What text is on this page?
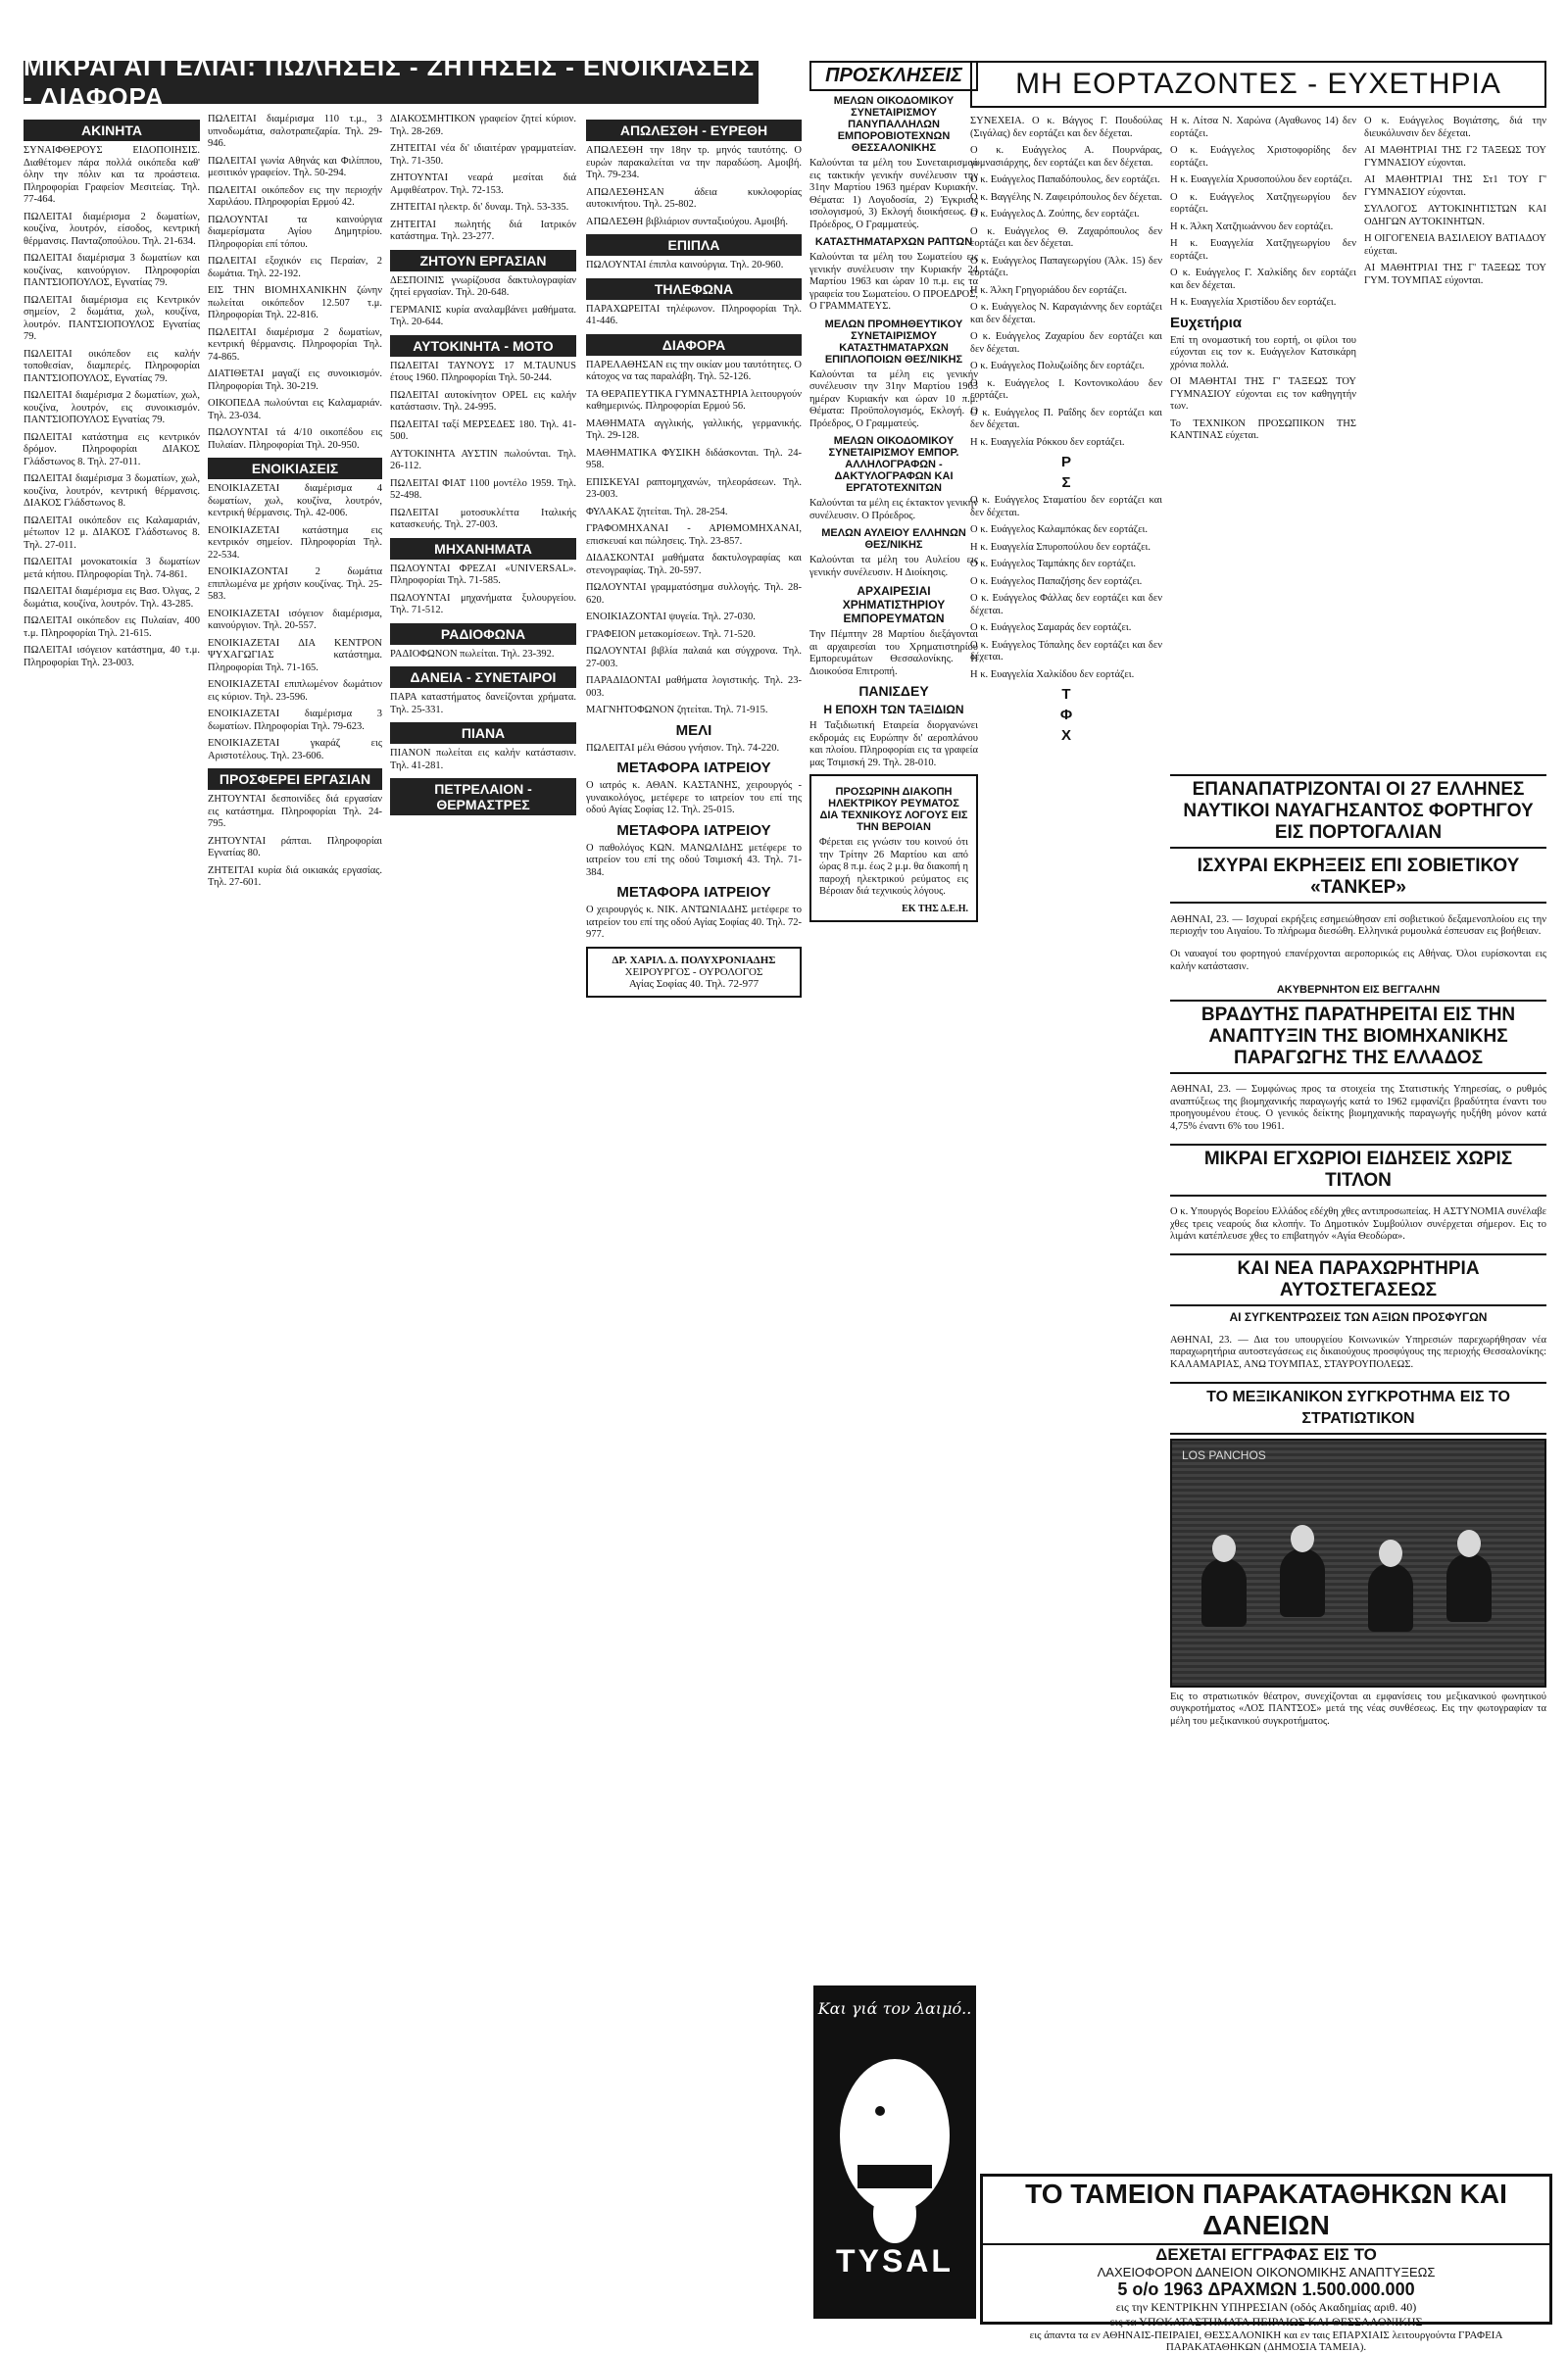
ΜΙΚΡΑΙ ΑΓΓΕΛΙΑΙ: ΠΩΛΗΣΕΙΣ - ΖΗΤΗΣΕΙΣ - ΕΝΟΙΚΙΑΣΕΙΣ - ΔΙΑΦΟΡΑ
ΑΚΙΝΗΤΑ

ΣΥΝΑΙΦΘΕΡΟΥΣ ΕΙΔΟΠΟΙΗΣΙΣ. Διαθέτομεν πάρα πολλά οικόπεδα καθ' όλην την πόλιν και τα προάστεια. Πληροφορίαι Γραφείον Μεσιτείας. Τηλ. 77-464.

ΠΩΛΕΙΤΑΙ διαμέρισμα 2 δωματίων, κουζίνα, λουτρόν, είσοδος, κεντρική θέρμανσις. Πανταζοπούλου. Τηλ. 21-634.

ΠΩΛΕΙΤΑΙ διαμέρισμα 3 δωματίων και κουζίνας, καινούργιον. Πληροφορίαι ΠΑΝΤΣΙΟΠΟΥΛΟΣ, Εγνατίας 79.

ΠΩΛΕΙΤΑΙ διαμέρισμα εις Κεντρικόν σημείον, 2 δωμάτια, χωλ, κουζίνα, λουτρόν. ΠΑΝΤΣΙΟΠΟΥΛΟΣ Εγνατίας 79.

ΠΩΛΕΙΤΑΙ οικόπεδον εις καλήν τοποθεσίαν, διαμπερές. Πληροφορίαι ΠΑΝΤΣΙΟΠΟΥΛΟΣ, Εγνατίας 79.

ΠΩΛΕΙΤΑΙ διαμέρισμα 2 δωματίων, χωλ, κουζίνα, λουτρόν, εις συνοικισμόν. ΠΑΝΤΣΙΟΠΟΥΛΟΣ Εγνατίας 79.

ΠΩΛΕΙΤΑΙ κατάστημα εις κεντρικόν δρόμον. Πληροφορίαι ΔΙΑΚΟΣ Γλάδστωνος 8. Τηλ. 27-011.

ΠΩΛΕΙΤΑΙ διαμέρισμα 3 δωματίων, χωλ, κουζίνα, λουτρόν, κεντρική θέρμανσις. ΔΙΑΚΟΣ Γλάδστωνος 8.

ΠΩΛΕΙΤΑΙ οικόπεδον εις Καλαμαριάν, μέτωπον 12 μ. ΔΙΑΚΟΣ Γλάδστωνος 8. Τηλ. 27-011.

ΠΩΛΕΙΤΑΙ μονοκατοικία 3 δωματίων μετά κήπου. Πληροφορίαι Τηλ. 74-861.

ΠΩΛΕΙΤΑΙ διαμέρισμα εις Βασ. Όλγας, 2 δωμάτια, κουζίνα, λουτρόν. Τηλ. 43-285.

ΠΩΛΕΙΤΑΙ οικόπεδον εις Πυλαίαν, 400 τ.μ. Πληροφορίαι Τηλ. 21-615.

ΠΩΛΕΙΤΑΙ ισόγειον κατάστημα, 40 τ.μ. Πληροφορίαι Τηλ. 23-003.

ΠΩΛΕΙΤΑΙ διαμέρισμα 110 τ.μ., 3 υπνοδωμάτια, σαλοτραπεζαρία. Τηλ. 29-946.

ΠΩΛΕΙΤΑΙ γωνία Αθηνάς και Φιλίππου, μεσιτικόν γραφείον. Τηλ. 50-294.

ΠΩΛΕΙΤΑΙ οικόπεδον εις την περιοχήν Χαριλάου. Πληροφορίαι Ερμού 42.

ΠΩΛΟΥΝΤΑΙ τα καινούργια διαμερίσματα Αγίου Δημητρίου. Πληροφορίαι επί τόπου.

ΠΩΛΕΙΤΑΙ εξοχικόν εις Περαίαν, 2 δωμάτια. Τηλ. 22-192.

ΕΙΣ ΤΗΝ ΒΙΟΜΗΧΑΝΙΚΗΝ ζώνην πωλείται οικόπεδον 12.507 τ.μ. Πληροφορίαι Τηλ. 22-816.

ΠΩΛΕΙΤΑΙ διαμέρισμα 2 δωματίων, κεντρική θέρμανσις. Πληροφορίαι Τηλ. 74-865.

ΔΙΑΤΙΘΕΤΑΙ μαγαζί εις συνοικισμόν. Πληροφορίαι Τηλ. 30-219.

ΟΙΚΟΠΕΔΑ πωλούνται εις Καλαμαριάν. Τηλ. 23-034.

ΠΩΛΟΥΝΤΑΙ τά 4/10 οικοπέδου εις Πυλαίαν. Πληροφορίαι Τηλ. 20-950.

ΕΝΟΙΚΙΑΣΕΙΣ

ΕΝΟΙΚΙΑΖΕΤΑΙ διαμέρισμα 4 δωματίων, χωλ, κουζίνα, λουτρόν, κεντρική θέρμανσις. Τηλ. 42-006.

ΕΝΟΙΚΙΑΖΕΤΑΙ κατάστημα εις κεντρικόν σημείον. Πληροφορίαι Τηλ. 22-534.

ΕΝΟΙΚΙΑΖΟΝΤΑΙ 2 δωμάτια επιπλωμένα με χρήσιν κουζίνας. Τηλ. 25-583.

ΕΝΟΙΚΙΑΖΕΤΑΙ ισόγειον διαμέρισμα, καινούργιον. Τηλ. 20-557.

ΕΝΟΙΚΙΑΖΕΤΑΙ ΔΙΑ ΚΕΝΤΡΟΝ ΨΥΧΑΓΩΓΙΑΣ κατάστημα. Πληροφορίαι Τηλ. 71-165.

ΕΝΟΙΚΙΑΖΕΤΑΙ επιπλωμένον δωμάτιον εις κύριον. Τηλ. 23-596.

ΕΝΟΙΚΙΑΖΕΤΑΙ διαμέρισμα 3 δωματίων. Πληροφορίαι Τηλ. 79-623.

ΕΝΟΙΚΙΑΖΕΤΑΙ γκαράζ εις Αριστοτέλους. Τηλ. 23-606.

ΠΡΟΣΦΕΡΕΙ ΕΡΓΑΣΙΑΝ

ΖΗΤΟΥΝΤΑΙ δεσποινίδες διά εργασίαν εις κατάστημα. Πληροφορίαι Τηλ. 24-795.

ΖΗΤΟΥΝΤΑΙ ράπται. Πληροφορίαι Εγνατίας 80.

ΖΗΤΕΙΤΑΙ κυρία διά οικιακάς εργασίας. Τηλ. 27-601.

ΔΙΑΚΟΣΜΗΤΙΚΟΝ γραφείον ζητεί κύριον. Τηλ. 28-269.

ΖΗΤΕΙΤΑΙ νέα δι' ιδιαιτέραν γραμματείαν. Τηλ. 71-350.

ΖΗΤΟΥΝΤΑΙ νεαρά μεσίται διά Αμφιθέατρον. Τηλ. 72-153.

ΖΗΤΕΙΤΑΙ ηλεκτρ. δι' δυναμ. Τηλ. 53-335.

ΖΗΤΕΙΤΑΙ πωλητής διά Ιατρικόν κατάστημα. Τηλ. 23-277.

ΖΗΤΟΥΝ ΕΡΓΑΣΙΑΝ

ΔΕΣΠΟΙΝΙΣ γνωρίζουσα δακτυλογραφίαν ζητεί εργασίαν. Τηλ. 20-648.

ΓΕΡΜΑΝΙΣ κυρία αναλαμβάνει μαθήματα. Τηλ. 20-644.

ΑΥΤΟΚΙΝΗΤΑ - ΜΟΤΟ

ΠΩΛΕΙΤΑΙ ΤΑΥΝΟΥΣ 17 M.TAUNUS έτους 1960. Πληροφορίαι Τηλ. 50-244.

ΠΩΛΕΙΤΑΙ αυτοκίνητον OPEL εις καλήν κατάστασιν. Τηλ. 24-995.

ΠΩΛΕΙΤΑΙ ταξί ΜΕΡΣΕΔΕΣ 180. Τηλ. 41-500.

ΑΥΤΟΚΙΝΗΤΑ ΑΥΣΤΙΝ πωλούνται. Τηλ. 26-112.

ΠΩΛΕΙΤΑΙ ΦΙΑΤ 1100 μοντέλο 1959. Τηλ. 52-498.

ΠΩΛΕΙΤΑΙ μοτοσυκλέττα Ιταλικής κατασκευής. Τηλ. 27-003.

ΜΗΧΑΝΗΜΑΤΑ

ΠΩΛΟΥΝΤΑΙ ΦΡΕΖΑΙ «UNIVERSAL». Πληροφορίαι Τηλ. 71-585.

ΠΩΛΟΥΝΤΑΙ μηχανήματα ξυλουργείου. Τηλ. 71-512.

ΡΑΔΙΟΦΩΝΑ

ΡΑΔΙΟΦΩΝΟΝ πωλείται. Τηλ. 23-392.

ΔΑΝΕΙΑ - ΣΥΝΕΤΑΙΡΟΙ

ΠΑΡΑ καταστήματος δανείζονται χρήματα. Τηλ. 25-331.

ΠΙΑΝΑ

ΠΙΑΝΟΝ πωλείται εις καλήν κατάστασιν. Τηλ. 41-281.

ΠΕΤΡΕΛΑΙΟΝ - ΘΕΡΜΑΣΤΡΕΣ
ΑΠΩΛΕΣΘΗ - ΕΥΡΕΘΗ

ΑΠΩΛΕΣΘΗ την 18ην τρ. μηνός ταυτότης. Ο ευρών παρακαλείται να την παραδώση. Αμοιβή. Τηλ. 79-234.

ΑΠΩΛΕΣΘΗΣΑΝ άδεια κυκλοφορίας αυτοκινήτου. Τηλ. 25-802.

ΑΠΩΛΕΣΘΗ βιβλιάριον συνταξιούχου. Αμοιβή.

ΕΠΙΠΛΑ

ΠΩΛΟΥΝΤΑΙ έπιπλα καινούργια. Τηλ. 20-960.

ΤΗΛΕΦΩΝΑ

ΠΑΡΑΧΩΡΕΙΤΑΙ τηλέφωνον. Πληροφορίαι Τηλ. 41-446.

ΔΙΑΦΟΡΑ

ΠΑΡΕΛΑΘΗΣΑΝ εις την οικίαν μου ταυτότητες. Ο κάτοχος να τας παραλάβη. Τηλ. 52-126.

ΤΑ ΘΕΡΑΠΕΥΤΙΚΑ ΓΥΜΝΑΣΤΗΡΙΑ λειτουργούν καθημερινώς. Πληροφορίαι Ερμού 56.

ΜΑΘΗΜΑΤΑ αγγλικής, γαλλικής, γερμανικής. Τηλ. 29-128.

ΜΑΘΗΜΑΤΙΚΑ ΦΥΣΙΚΗ διδάσκονται. Τηλ. 24-958.

ΕΠΙΣΚΕΥΑΙ ραπτομηχανών, τηλεοράσεων. Τηλ. 23-003.

ΦΥΛΑΚΑΣ ζητείται. Τηλ. 28-254.

ΓΡΑΦΟΜΗΧΑΝΑΙ - ΑΡΙΘΜΟΜΗΧΑΝΑΙ, επισκευαί και πώλησεις. Τηλ. 23-857.

ΔΙΔΑΣΚΟΝΤΑΙ μαθήματα δακτυλογραφίας και στενογραφίας. Τηλ. 20-597.

ΠΩΛΟΥΝΤΑΙ γραμματόσημα συλλογής. Τηλ. 28-620.

ΕΝΟΙΚΙΑΖΟΝΤΑΙ ψυγεία. Τηλ. 27-030.

ΓΡΑΦΕΙΟΝ μετακομίσεων. Τηλ. 71-520.

ΠΩΛΟΥΝΤΑΙ βιβλία παλαιά και σύγχρονα. Τηλ. 27-003.

ΠΑΡΑΔΙΔΟΝΤΑΙ μαθήματα λογιστικής. Τηλ. 23-003.

ΜΑΓΝΗΤΟΦΩΝΟΝ ζητείται. Τηλ. 71-915.

ΜΕΛΙ

ΠΩΛΕΙΤΑΙ μέλι Θάσου γνήσιον. Τηλ. 74-220.

ΜΕΤΑΦΟΡΑ ΙΑΤΡΕΙΟΥ

Ο ιατρός κ. ΑΘΑΝ. ΚΑΣΤΑΝΗΣ, χειρουργός - γυναικολόγος, μετέφερε το ιατρείον του επί της οδού Αγίας Σοφίας 12. Τηλ. 25-015.

ΜΕΤΑΦΟΡΑ ΙΑΤΡΕΙΟΥ

Ο παθολόγος ΚΩΝ. ΜΑΝΩΛΙΔΗΣ μετέφερε το ιατρείον του επί της οδού Τσιμισκή 43. Τηλ. 71-384.

ΜΕΤΑΦΟΡΑ ΙΑΤΡΕΙΟΥ

Ο χειρουργός κ. ΝΙΚ. ΑΝΤΩΝΙΑΔΗΣ μετέφερε το ιατρείον του επί της οδού Αγίας Σοφίας 40. Τηλ. 72-977.

ΔΡ. ΧΑΡΙΛ. Δ. ΠΟΛΥΧΡΟΝΙΑΔΗΣ
ΧΕΙΡΟΥΡΓΟΣ - ΟΥΡΟΛΟΓΟΣ
Αγίας Σοφίας 40. Τηλ. 72-977
ΠΡΟΣΚΛΗΣΕΙΣ
ΜΕΛΩΝ ΟΙΚΟΔΟΜΙΚΟΥ ΣΥΝΕΤΑΙΡΙΣΜΟΥ ΠΑΝΥΠΑΛΛΗΛΩΝ ΕΜΠΟΡΟΒΙΟΤΕΧΝΩΝ ΘΕΣΣΑΛΟΝΙΚΗΣ

Καλούνται τα μέλη του Συνεταιρισμού εις τακτικήν γενικήν συνέλευσιν την 31ην Μαρτίου 1963 ημέραν Κυριακήν. Θέματα: 1) Λογοδοσία, 2) Έγκρισις ισολογισμού, 3) Εκλογή διοικήσεως. Ο Πρόεδρος, Ο Γραμματεύς.

ΚΑΤΑΣΤΗΜΑΤΑΡΧΩΝ ΡΑΠΤΩΝ

Καλούνται τα μέλη του Σωματείου εις γενικήν συνέλευσιν την Κυριακήν 24 Μαρτίου 1963 και ώραν 10 π.μ. εις τα γραφεία του Σωματείου. Ο ΠΡΟΕΔΡΟΣ, Ο ΓΡΑΜΜΑΤΕΥΣ.

ΜΕΛΩΝ ΠΡΟΜΗΘΕΥΤΙΚΟΥ ΣΥΝΕΤΑΙΡΙΣΜΟΥ ΚΑΤΑΣΤΗΜΑΤΑΡΧΩΝ ΕΠΙΠΛΟΠΟΙΩΝ ΘΕΣ/ΝΙΚΗΣ

Καλούνται τα μέλη εις γενικήν συνέλευσιν την 31ην Μαρτίου 1963 ημέραν Κυριακήν και ώραν 10 π.μ. Θέματα: Προϋπολογισμός, Εκλογή. Ο Πρόεδρος, Ο Γραμματεύς.

ΜΕΛΩΝ ΟΙΚΟΔΟΜΙΚΟΥ ΣΥΝΕΤΑΙΡΙΣΜΟΥ ΕΜΠΟΡ. ΑΛΛΗΛΟΓΡΑΦΩΝ - ΔΑΚΤΥΛΟΓΡΑΦΩΝ ΚΑΙ ΕΡΓΑΤΟΤΕΧΝΙΤΩΝ

Καλούνται τα μέλη εις έκτακτον γενικήν συνέλευσιν. Ο Πρόεδρος.

ΜΕΛΩΝ ΑΥΛΕΙΟΥ ΕΛΛΗΝΩΝ ΘΕΣ/ΝΙΚΗΣ

Καλούνται τα μέλη του Αυλείου εις γενικήν συνέλευσιν. Η Διοίκησις.

ΑΡΧΑΙΡΕΣΙΑΙ ΧΡΗΜΑΤΙΣΤΗΡΙΟΥ ΕΜΠΟΡΕΥΜΑΤΩΝ

Την Πέμπτην 28 Μαρτίου διεξάγονται αι αρχαιρεσίαι του Χρηματιστηρίου Εμπορευμάτων Θεσσαλονίκης. Η Διοικούσα Επιτροπή.

ΠΑΝΙΣΔΕΥ
Η ΕΠΟΧΗ ΤΩΝ ΤΑΞΙΔΙΩΝ

Η Ταξιδιωτική Εταιρεία διοργανώνει εκδρομάς εις Ευρώπην δι' αεροπλάνου και πλοίου. Πληροφορίαι εις τα γραφεία μας Τσιμισκή 29. Τηλ. 28-010.

ΠΡΟΣΩΡΙΝΗ ΔΙΑΚΟΠΗ ΗΛΕΚΤΡΙΚΟΥ ΡΕΥΜΑΤΟΣ ΔΙΑ ΤΕΧΝΙΚΟΥΣ ΛΟΓΟΥΣ ΕΙΣ ΤΗΝ ΒΕΡΟΙΑΝ

Φέρεται εις γνώσιν του κοινού ότι την Τρίτην 26 Μαρτίου και από ώρας 8 π.μ. έως 2 μ.μ. θα διακοπή η παροχή ηλεκτρικού ρεύματος εις Βέροιαν διά τεχνικούς λόγους.

ΕΚ ΤΗΣ Δ.Ε.Η.
Και γιά τον λαιμό..
TYSAL

ΣΥΝΕΧΕΙΑ. Ο κ. Βάγγος Γ. Πουδούλας (Σιγάλας) δεν εορτάζει και δεν δέχεται.

Ο κ. Ευάγγελος Α. Πουρνάρας, γυμνασιάρχης, δεν εορτάζει και δεν δέχεται.

Ο κ. Ευάγγελος Παπαδόπουλος, δεν εορτάζει.

Ο κ. Βαγγέλης Ν. Ζαφειρόπουλος δεν δέχεται.

Ο κ. Ευάγγελος Δ. Ζούπης, δεν εορτάζει.

Ο κ. Ευάγγελος Θ. Ζαχαρόπουλος δεν εορτάζει και δεν δέχεται.

Ο κ. Ευάγγελος Παπαγεωργίου (Άλκ. 15) δεν εορτάζει.

Η κ. Άλκη Γρηγοριάδου δεν εορτάζει.

Ο κ. Ευάγγελος Ν. Καραγιάννης δεν εορτάζει και δεν δέχεται.

Ο κ. Ευάγγελος Ζαχαρίου δεν εορτάζει και δεν δέχεται.

Ο κ. Ευάγγελος Πολυζωίδης δεν εορτάζει.

Ο κ. Ευάγγελος Ι. Κοντονικολάου δεν εορτάζει.

Ο κ. Ευάγγελος Π. Ραΐδης δεν εορτάζει και δεν δέχεται.

Η κ. Ευαγγελία Ρόκκου δεν εορτάζει.

Ρ
Σ

Ο κ. Ευάγγελος Σταματίου δεν εορτάζει και δεν δέχεται.

Ο κ. Ευάγγελος Καλαμπόκας δεν εορτάζει.

Η κ. Ευαγγελία Σπυροπούλου δεν εορτάζει.

Ο κ. Ευάγγελος Ταμπάκης δεν εορτάζει.

Ο κ. Ευάγγελος Παπαζήσης δεν εορτάζει.

Ο κ. Ευάγγελος Φάλλας δεν εορτάζει και δεν δέχεται.

Ο κ. Ευάγγελος Σαμαράς δεν εορτάζει.

Ο κ. Ευάγγελος Τόπαλης δεν εορτάζει και δεν δέχεται.

Η κ. Ευαγγελία Χαλκίδου δεν εορτάζει.

Τ
Φ
Χ
ΜΗ ΕΟΡΤΑΖΟΝΤΕΣ - ΕΥΧΕΤΗΡΙΑ

Η κ. Λίτσα Ν. Χαρώνα (Αγαθωνος 14) δεν εορτάζει.

Ο κ. Ευάγγελος Χριστοφορίδης δεν εορτάζει.

Η κ. Ευαγγελία Χρυσοπούλου δεν εορτάζει.

Ο κ. Ευάγγελος Χατζηγεωργίου δεν εορτάζει.

Η κ. Άλκη Χατζηιωάννου δεν εορτάζει.

Η κ. Ευαγγελία Χατζηγεωργίου δεν εορτάζει.

Ο κ. Ευάγγελος Γ. Χαλκίδης δεν εορτάζει και δεν δέχεται.

Η κ. Ευαγγελία Χριστίδου δεν εορτάζει.

Ευχετήρια

Επί τη ονομαστική του εορτή, οι φίλοι του εύχονται εις τον κ. Ευάγγελον Κατσικάρη χρόνια πολλά.

ΟΙ ΜΑΘΗΤΑΙ ΤΗΣ Γ' ΤΑΞΕΩΣ ΤΟΥ ΓΥΜΝΑΣΙΟΥ εύχονται εις τον καθηγητήν των.

Το ΤΕΧΝΙΚΟΝ ΠΡΟΣΩΠΙΚΟΝ ΤΗΣ ΚΑΝΤΙΝΑΣ εύχεται.

Ο κ. Ευάγγελος Βογιάτσης, διά την διευκόλυνσιν δεν δέχεται.

ΑΙ ΜΑΘΗΤΡΙΑΙ ΤΗΣ Γ2 ΤΑΞΕΩΣ ΤΟΥ ΓΥΜΝΑΣΙΟΥ εύχονται.

ΑΙ ΜΑΘΗΤΡΙΑΙ ΤΗΣ Στ1 ΤΟΥ Γ' ΓΥΜΝΑΣΙΟΥ εύχονται.

ΣΥΛΛΟΓΟΣ ΑΥΤΟΚΙΝΗΤΙΣΤΩΝ ΚΑΙ ΟΔΗΓΩΝ ΑΥΤΟΚΙΝΗΤΩΝ.

Η ΟΙΓΟΓΕΝΕΙΑ ΒΑΣΙΛΕΙΟΥ ΒΑΤΙΑΔΟΥ εύχεται.

ΑΙ ΜΑΘΗΤΡΙΑΙ ΤΗΣ Γ' ΤΑΞΕΩΣ ΤΟΥ ΓΥΜ. ΤΟΥΜΠΑΣ εύχονται.

ΕΠΑΝΑΠΑΤΡΙΖΟΝΤΑΙ ΟΙ 27 ΕΛΛΗΝΕΣ ΝΑΥΤΙΚΟΙ ΝΑΥΑΓΗΣΑΝΤΟΣ ΦΟΡΤΗΓΟΥ ΕΙΣ ΠΟΡΤΟΓΑΛΙΑΝ
ΙΣΧΥΡΑΙ ΕΚΡΗΞΕΙΣ ΕΠΙ ΣΟΒΙΕΤΙΚΟΥ «ΤΑΝΚΕΡ»

ΑΘΗΝΑΙ, 23. — Ισχυραί εκρήξεις εσημειώθησαν επί σοβιετικού δεξαμενοπλοίου εις την περιοχήν του Αιγαίου. Το πλήρωμα διεσώθη. Ελληνικά ρυμουλκά έσπευσαν εις βοήθειαν.

Οι ναυαγοί του φορτηγού επανέρχονται αεροπορικώς εις Αθήνας. Όλοι ευρίσκονται εις καλήν κατάστασιν.

ΑΚΥΒΕΡΝΗΤΟΝ ΕΙΣ ΒΕΓΓΑΛΗΝ
ΒΡΑΔΥΤΗΣ ΠΑΡΑΤΗΡΕΙΤΑΙ ΕΙΣ ΤΗΝ ΑΝΑΠΤΥΞΙΝ ΤΗΣ ΒΙΟΜΗΧΑΝΙΚΗΣ ΠΑΡΑΓΩΓΗΣ ΤΗΣ ΕΛΛΑΔΟΣ

ΑΘΗΝΑΙ, 23. — Συμφώνως προς τα στοιχεία της Στατιστικής Υπηρεσίας, ο ρυθμός αναπτύξεως της βιομηχανικής παραγωγής κατά το 1962 εμφανίζει βραδύτητα έναντι του προηγουμένου έτους. Ο γενικός δείκτης βιομηχανικής παραγωγής ηυξήθη μόνον κατά 4,75% έναντι 6% του 1961.

ΜΙΚΡΑΙ ΕΓΧΩΡΙΟΙ ΕΙΔΗΣΕΙΣ ΧΩΡΙΣ ΤΙΤΛΟΝ

Ο κ. Υπουργός Βορείου Ελλάδος εδέχθη χθες αντιπροσωπείας. Η ΑΣΤΥΝΟΜΙΑ συνέλαβε χθες τρεις νεαρούς δια κλοπήν. Το Δημοτικόν Συμβούλιον συνέρχεται σήμερον. Εις το λιμάνι κατέπλευσε χθες το επιβατηγόν «Αγία Θεοδώρα».

ΚΑΙ ΝΕΑ ΠΑΡΑΧΩΡΗΤΗΡΙΑ ΑΥΤΟΣΤΕΓΑΣΕΩΣ
ΑΙ ΣΥΓΚΕΝΤΡΩΣΕΙΣ ΤΩΝ ΑΞΙΩΝ ΠΡΟΣΦΥΓΩΝ

ΑΘΗΝΑΙ, 23. — Δια του υπουργείου Κοινωνικών Υπηρεσιών παρεχωρήθησαν νέα παραχωρητήρια αυτοστεγάσεως εις δικαιούχους προσφύγους της περιοχής Θεσσαλονίκης: ΚΑΛΑΜΑΡΙΑΣ, ΑΝΩ ΤΟΥΜΠΑΣ, ΣΤΑΥΡΟΥΠΟΛΕΩΣ.

ΤΟ ΜΕΞΙΚΑΝΙΚΟΝ ΣΥΓΚΡΟΤΗΜΑ ΕΙΣ ΤΟ ΣΤΡΑΤΙΩΤΙΚΟΝ
LOS PANCHOS

Εις το στρατιωτικόν θέατρον, συνεχίζονται αι εμφανίσεις του μεξικανικού φωνητικού συγκροτήματος «ΛΟΣ ΠΑΝΤΣΟΣ» μετά της νέας συνθέσεως. Εις την φωτογραφίαν τα μέλη του μεξικανικού συγκροτήματος.

ΤΟ ΤΑΜΕΙΟΝ ΠΑΡΑΚΑΤΑΘΗΚΩΝ ΚΑΙ ΔΑΝΕΙΩΝ
ΔΕΧΕΤΑΙ ΕΓΓΡΑΦΑΣ ΕΙΣ ΤΟ
ΛΑΧΕΙΟΦΟΡΟΝ ΔΑΝΕΙΟΝ ΟΙΚΟΝΟΜΙΚΗΣ ΑΝΑΠΤΥΞΕΩΣ
5 o/o 1963 ΔΡΑΧΜΩΝ 1.500.000.000
εις την ΚΕΝΤΡΙΚΗΝ ΥΠΗΡΕΣΙΑΝ (οδός Ακαδημίας αριθ. 40)
εις τα ΥΠΟΚΑΤΑΣΤΗΜΑΤΑ ΠΕΙΡΑΙΩΣ ΚΑΙ ΘΕΣΣΑΛΟΝΙΚΗΣ
εις άπαντα τα εν ΑΘΗΝΑΙΣ-ΠΕΙΡΑΙΕΙ, ΘΕΣΣΑΛΟΝΙΚΗ και εν ταις ΕΠΑΡΧΙΑΙΣ λειτουργούντα ΓΡΑΦΕΙΑ ΠΑΡΑΚΑΤΑΘΗΚΩΝ (ΔΗΜΟΣΙΑ ΤΑΜΕΙΑ).
